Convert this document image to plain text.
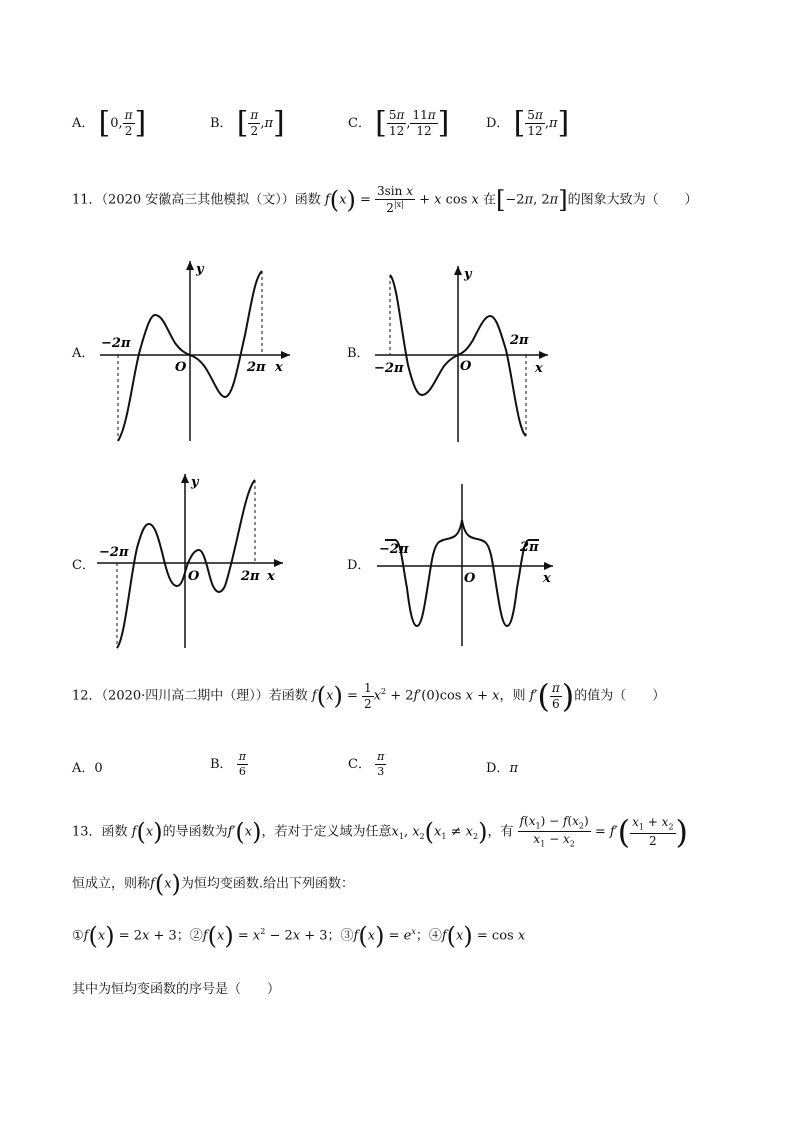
A． [0, $\frac{\pi}{2}$ ]	B． [ $\frac{\pi}{2} ,\pi$]	C． [ $\frac{5\pi}{12}$ , $\frac{11\pi}{12}$ ]	D． [ $\frac{5\pi}{12} ,\pi$]
11．（2020 安徽高三其他模拟（文））函数 $f(x) = \frac{\text{3sin x}}{2^{|x|}} + x$ cos x 在[−2π, 2π]的图象大致为（　　）
A．	B．
C．	D．
y
−2π
O	2π x
y
−2π	O
2π
x
y
−2π
O	2π x
−2π
O
2π
x
12．（2020·四川高二期中（理））若函数 $f(x) = \frac{1}{2} x^2 + 2f'(0)\cos$ x + x，则 $f'( \frac{\pi}{6}$ )的值为（　　）
A．0	B． $\frac{\pi}{6}$	C． $\frac{\pi}{3}$	D．π
13．函数 f(x)的导函数为f′(x)，若对于定义域为任意$x_1$, $x_2(x_1 \ne x_2)$，有 $\frac{f(x_1) - f(x_2)}{x_1 - x_2} = f'( \frac{x_1 + x_2}{2}$ )
恒成立，则称f(x)为恒均变函数.给出下列函数：
①f(x) = 2x + 3；②f(x) = $x^2 - 2x + 3$；③f(x) = $e^x$；④f(x) = cos x
其中为恒均变函数的序号是（　　）
